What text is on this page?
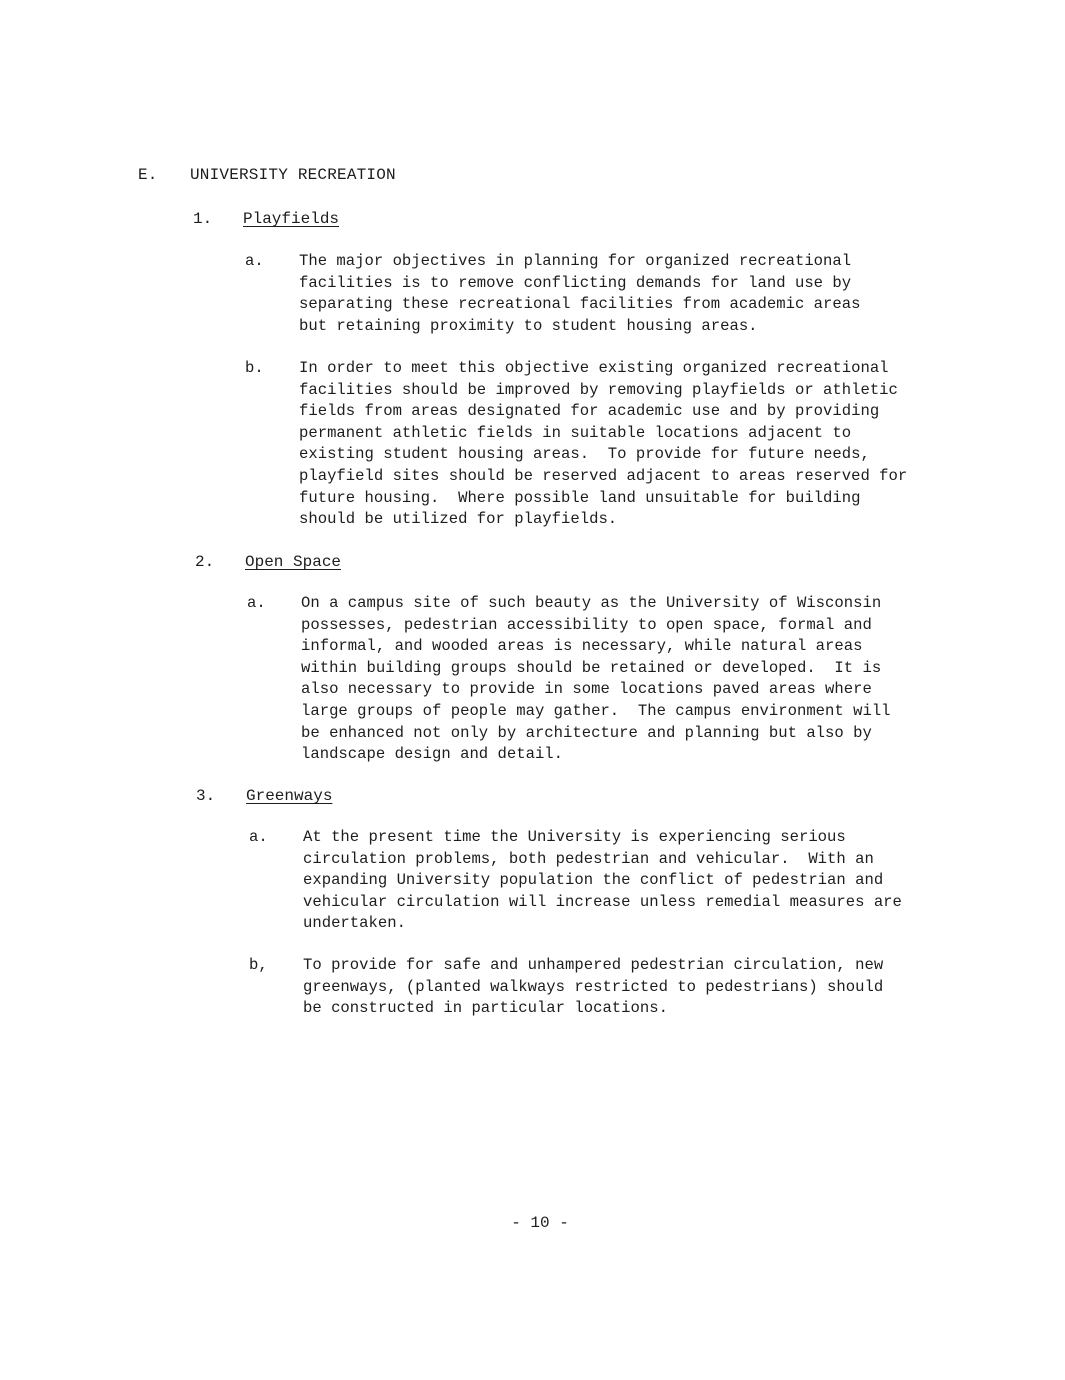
E. UNIVERSITY RECREATION
1. Playfields
a. The major objectives in planning for organized recreational
facilities is to remove conflicting demands for land use by
separating these recreational facilities from academic areas
but retaining proximity to student housing areas.
b. In order to meet this objective existing organized recreational
facilities should be improved by removing playfields or athletic
fields from areas designated for academic use and by providing
permanent athletic fields in suitable locations adjacent to
existing student housing areas.  To provide for future needs,
playfield sites should be reserved adjacent to areas reserved for
future housing.  Where possible land unsuitable for building
should be utilized for playfields.
2. Open Space
a. On a campus site of such beauty as the University of Wisconsin
possesses, pedestrian accessibility to open space, formal and
informal, and wooded areas is necessary, while natural areas
within building groups should be retained or developed.  It is
also necessary to provide in some locations paved areas where
large groups of people may gather.  The campus environment will
be enhanced not only by architecture and planning but also by
landscape design and detail.
3. Greenways
a. At the present time the University is experiencing serious
circulation problems, both pedestrian and vehicular.  With an
expanding University population the conflict of pedestrian and
vehicular circulation will increase unless remedial measures are
undertaken.
b, To provide for safe and unhampered pedestrian circulation, new
greenways, (planted walkways restricted to pedestrians) should
be constructed in particular locations.
- 10 -
